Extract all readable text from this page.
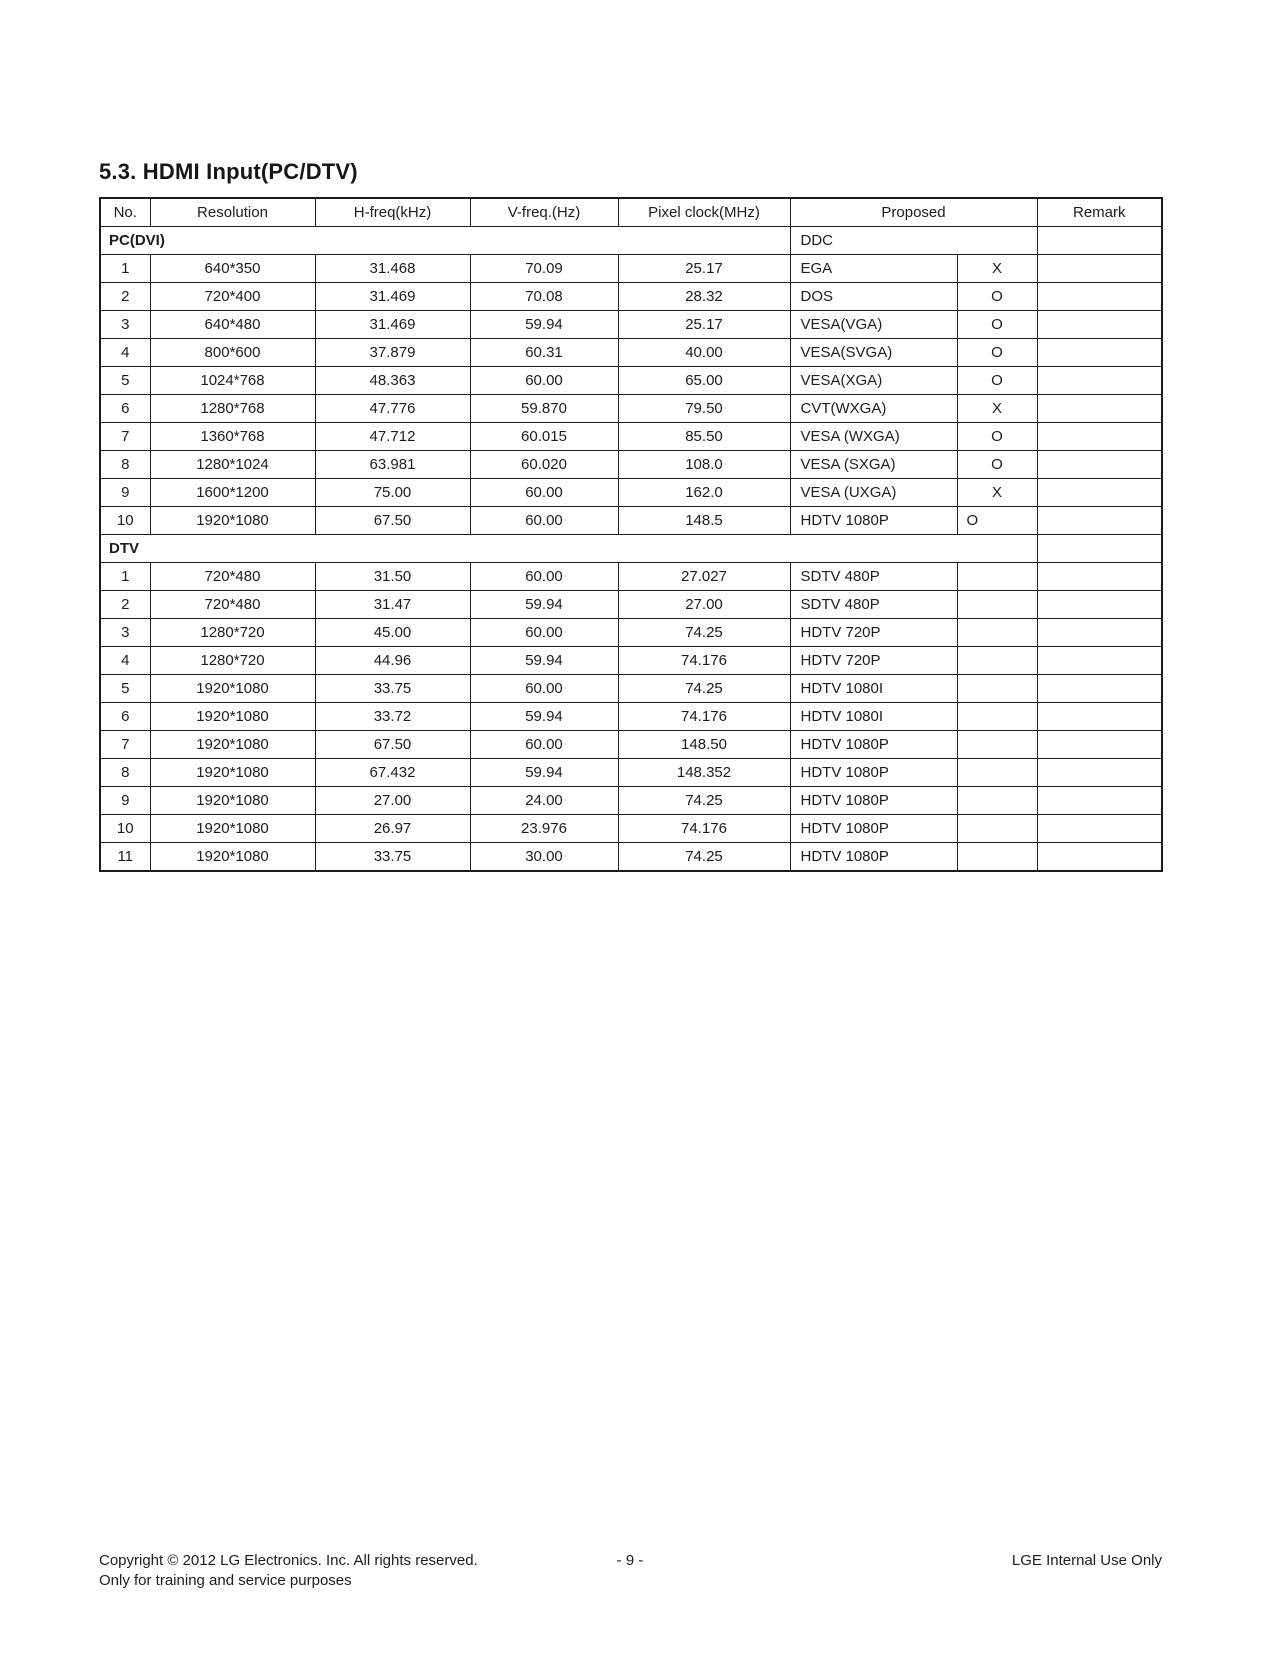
5.3. HDMI Input(PC/DTV)
No.	Resolution	H-freq(kHz)	V-freq.(Hz)	Pixel clock(MHz)	Proposed		Remark
PC(DVI)					DDC		
1	640*350	31.468	70.09	25.17	EGA	X	
2	720*400	31.469	70.08	28.32	DOS	O	
3	640*480	31.469	59.94	25.17	VESA(VGA)	O	
4	800*600	37.879	60.31	40.00	VESA(SVGA)	O	
5	1024*768	48.363	60.00	65.00	VESA(XGA)	O	
6	1280*768	47.776	59.870	79.50	CVT(WXGA)	X	
7	1360*768	47.712	60.015	85.50	VESA (WXGA)	O	
8	1280*1024	63.981	60.020	108.0	VESA (SXGA)	O	
9	1600*1200	75.00	60.00	162.0	VESA (UXGA)	X	
10	1920*1080	67.50	60.00	148.5	HDTV 1080P	O	
DTV							
1	720*480	31.50	60.00	27.027	SDTV 480P		
2	720*480	31.47	59.94	27.00	SDTV 480P		
3	1280*720	45.00	60.00	74.25	HDTV 720P		
4	1280*720	44.96	59.94	74.176	HDTV 720P		
5	1920*1080	33.75	60.00	74.25	HDTV 1080I		
6	1920*1080	33.72	59.94	74.176	HDTV 1080I		
7	1920*1080	67.50	60.00	148.50	HDTV 1080P		
8	1920*1080	67.432	59.94	148.352	HDTV 1080P		
9	1920*1080	27.00	24.00	74.25	HDTV 1080P		
10	1920*1080	26.97	23.976	74.176	HDTV 1080P		
11	1920*1080	33.75	30.00	74.25	HDTV 1080P		
Copyright © 2012 LG Electronics. Inc. All rights reserved.
Only for training and service purposes
- 9 -	LGE Internal Use Only
